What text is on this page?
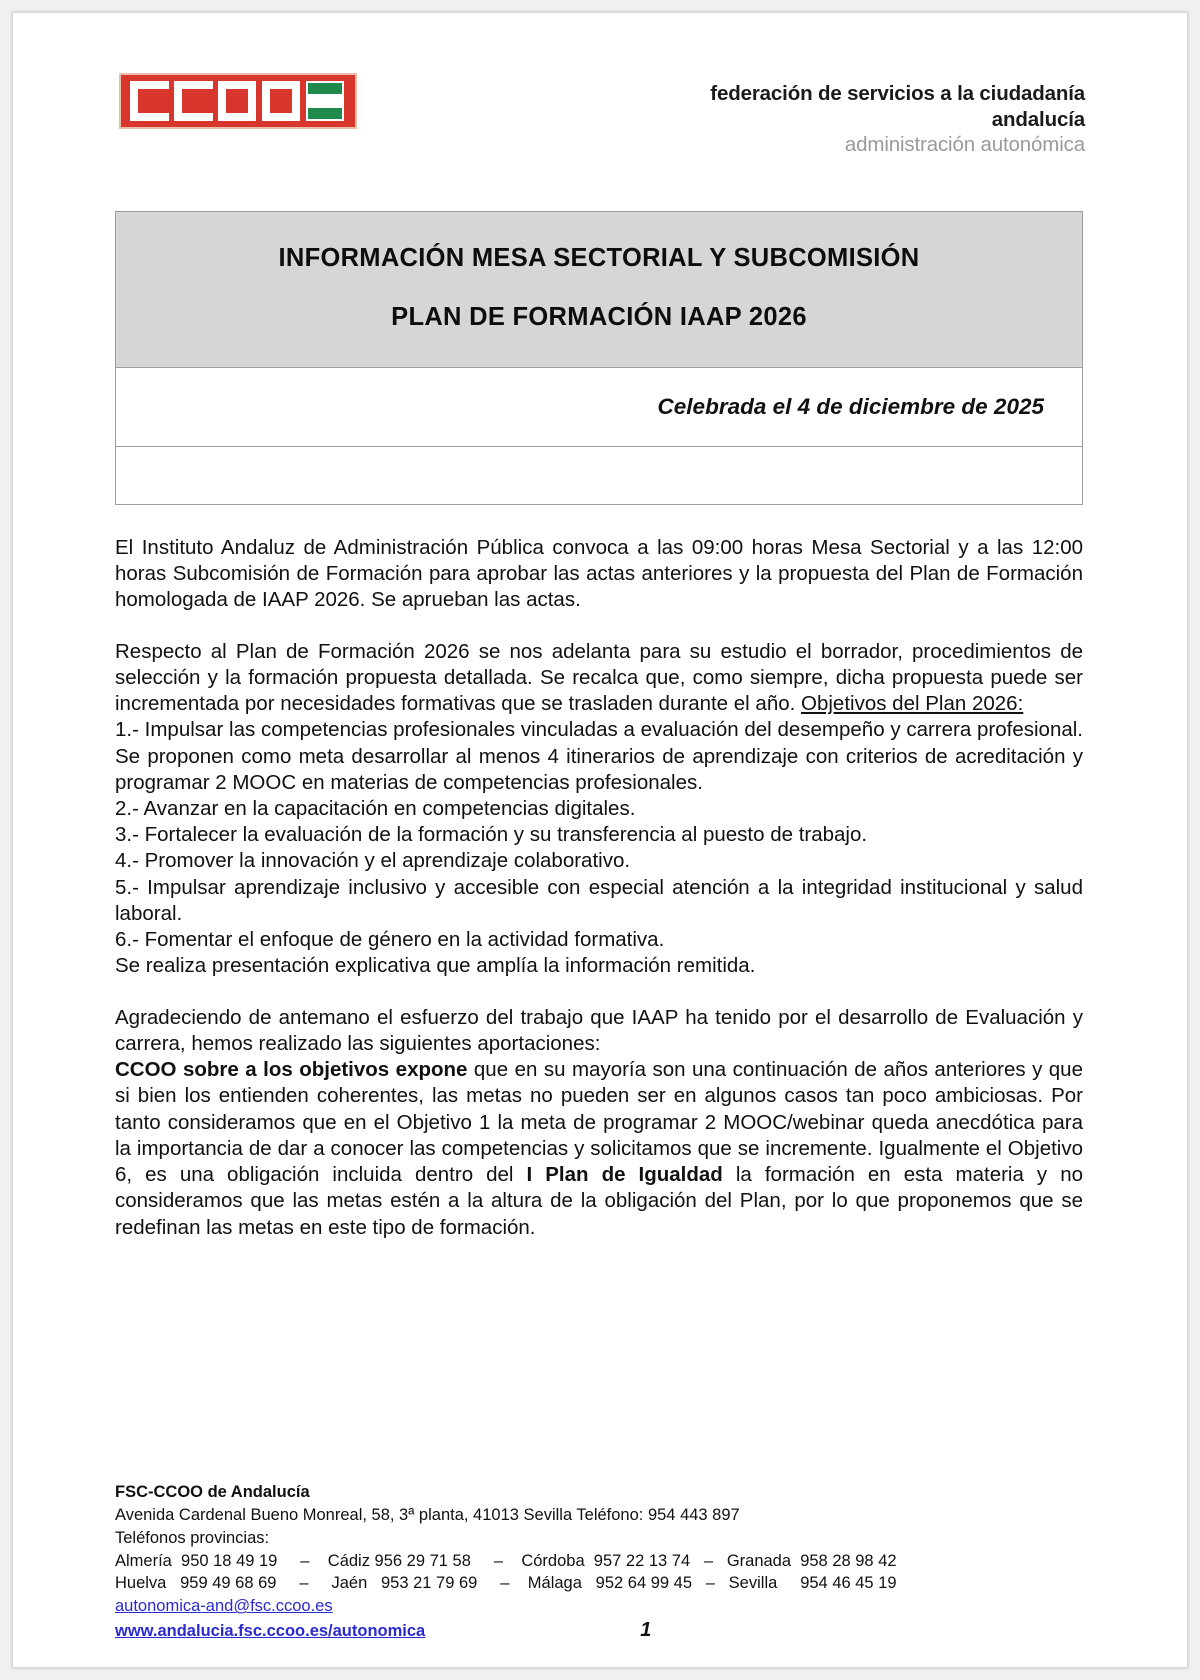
federación de servicios a la ciudadanía
andalucía
administración autonómica
INFORMACIÓN MESA SECTORIAL Y SUBCOMISIÓN
PLAN DE FORMACIÓN IAAP 2026

Celebrada el 4 de diciembre de 2025

El Instituto Andaluz de Administración Pública convoca a las 09:00 horas Mesa Sectorial y a las 12:00 horas Subcomisión de Formación para aprobar las actas anteriores y la propuesta del Plan de Formación homologada de IAAP 2026. Se aprueban las actas.

Respecto al Plan de Formación 2026 se nos adelanta para su estudio el borrador, procedimientos de selección y la formación propuesta detallada. Se recalca que, como siempre, dicha propuesta puede ser incrementada por necesidades formativas que se trasladen durante el año. Objetivos del Plan 2026:

1.- Impulsar las competencias profesionales vinculadas a evaluación del desempeño y carrera profesional. Se proponen como meta desarrollar al menos 4 itinerarios de aprendizaje con criterios de acreditación y programar 2 MOOC en materias de competencias profesionales.

2.- Avanzar en la capacitación en competencias digitales.

3.- Fortalecer la evaluación de la formación y su transferencia al puesto de trabajo.

4.- Promover la innovación y el aprendizaje colaborativo.

5.- Impulsar aprendizaje inclusivo y accesible con especial atención a la integridad institucional y salud laboral.

6.- Fomentar el enfoque de género en la actividad formativa.

Se realiza presentación explicativa que amplía la información remitida.

Agradeciendo de antemano el esfuerzo del trabajo que IAAP ha tenido por el desarrollo de Evaluación y carrera, hemos realizado las siguientes aportaciones:

CCOO sobre a los objetivos expone que en su mayoría son una continuación de años anteriores y que si bien los entienden coherentes, las metas no pueden ser en algunos casos tan poco ambiciosas. Por tanto consideramos que en el Objetivo 1 la meta de programar 2 MOOC/webinar queda anecdótica para la importancia de dar a conocer las competencias y solicitamos que se incremente. Igualmente el Objetivo 6, es una obligación incluida dentro del I Plan de Igualdad la formación en esta materia y no consideramos que las metas estén a la altura de la obligación del Plan, por lo que proponemos que se redefinan las metas en este tipo de formación.

FSC-CCOO de Andalucía
Avenida Cardenal Bueno Monreal, 58, 3ª planta, 41013 Sevilla Teléfono: 954 443 897
Teléfonos provincias:
Almería  950 18 49 19     –    Cádiz 956 29 71 58     –    Córdoba  957 22 13 74   –   Granada  958 28 98 42
Huelva   959 49 68 69     –     Jaén   953 21 79 69     –    Málaga   952 64 99 45   –   Sevilla     954 46 45 19
autonomica-and@fsc.ccoo.es
www.andalucia.fsc.ccoo.es/autonomica	1
